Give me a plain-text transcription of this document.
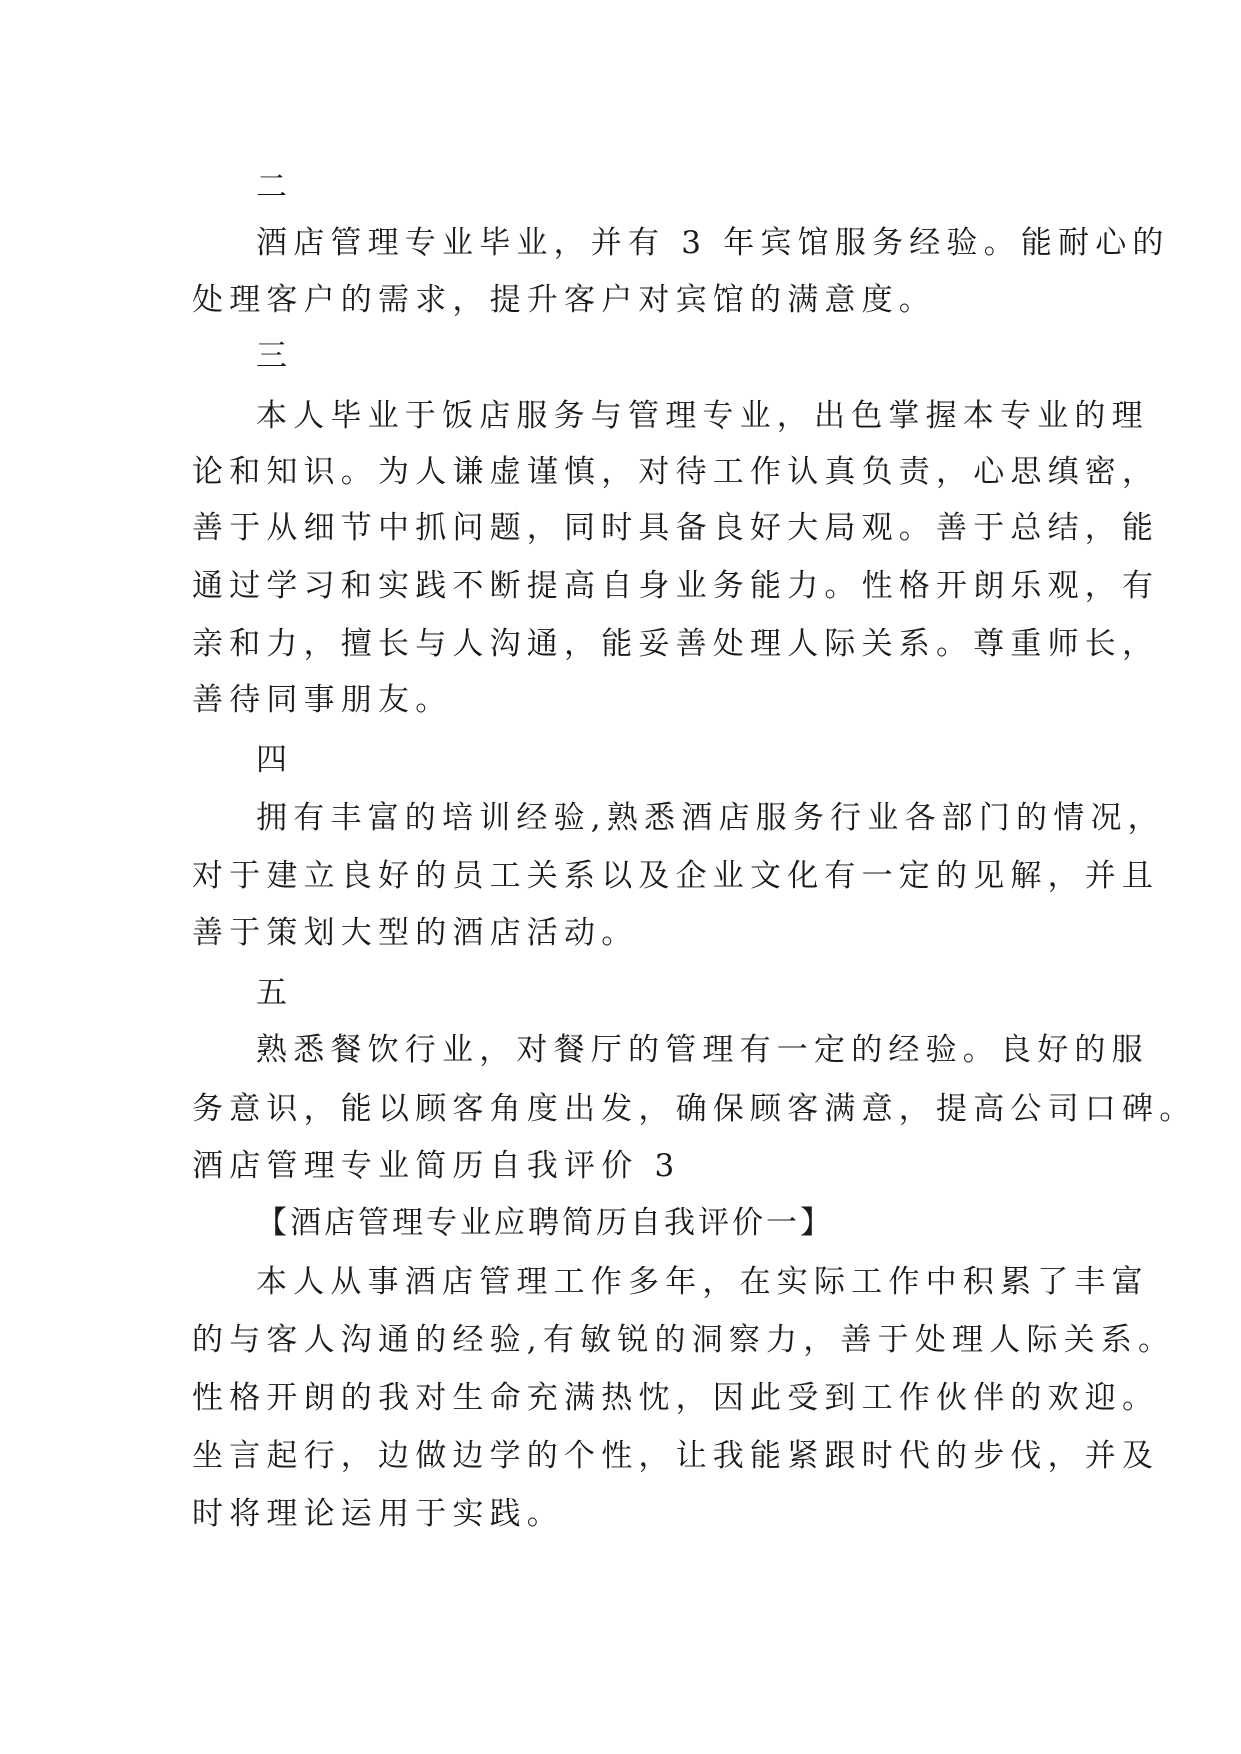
二
酒店管理专业毕业，并有 3 年宾馆服务经验。能耐心的
处理客户的需求，提升客户对宾馆的满意度。
三
本人毕业于饭店服务与管理专业，出色掌握本专业的理
论和知识。为人谦虚谨慎，对待工作认真负责，心思缜密，
善于从细节中抓问题，同时具备良好大局观。善于总结，能
通过学习和实践不断提高自身业务能力。性格开朗乐观，有
亲和力，擅长与人沟通，能妥善处理人际关系。尊重师长，
善待同事朋友。
四
拥有丰富的培训经验,熟悉酒店服务行业各部门的情况，
对于建立良好的员工关系以及企业文化有一定的见解，并且
善于策划大型的酒店活动。
五
熟悉餐饮行业，对餐厅的管理有一定的经验。良好的服
务意识，能以顾客角度出发，确保顾客满意，提高公司口碑。
酒店管理专业简历自我评价 3
【酒店管理专业应聘简历自我评价一】
本人从事酒店管理工作多年，在实际工作中积累了丰富
的与客人沟通的经验,有敏锐的洞察力，善于处理人际关系。
性格开朗的我对生命充满热忱，因此受到工作伙伴的欢迎。
坐言起行，边做边学的个性，让我能紧跟时代的步伐，并及
时将理论运用于实践。
